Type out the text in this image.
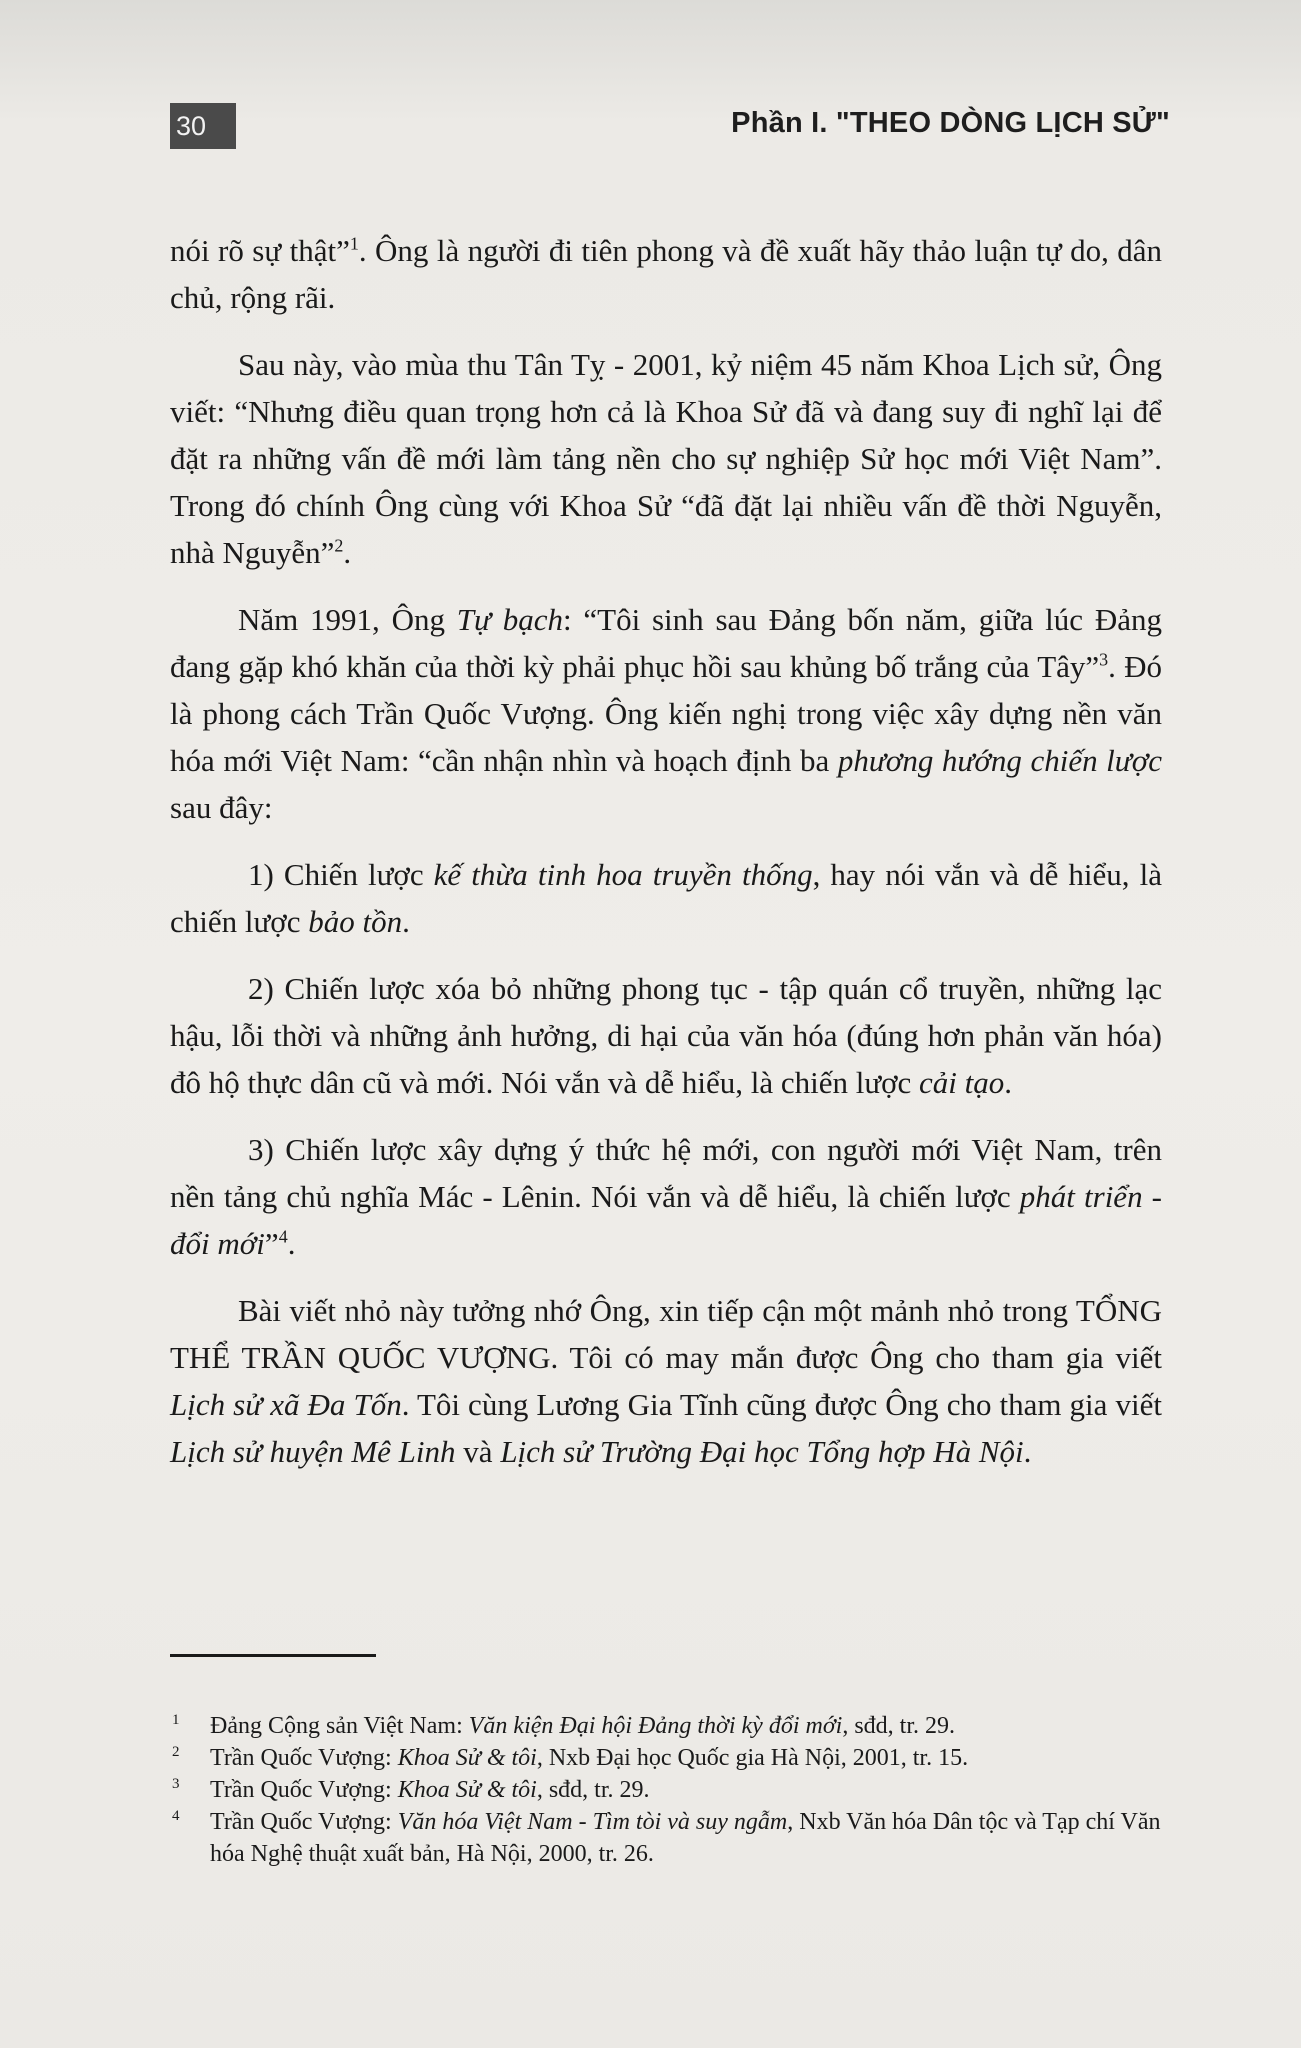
30	Phần I. "THEO DÒNG LỊCH SỬ"

nói rõ sự thật”$^1$. Ông là người đi tiên phong và đề xuất hãy thảo luận tự do, dân chủ, rộng rãi.

Sau này, vào mùa thu Tân Tỵ - 2001, kỷ niệm 45 năm Khoa Lịch sử, Ông viết: “Nhưng điều quan trọng hơn cả là Khoa Sử đã và đang suy đi nghĩ lại để đặt ra những vấn đề mới làm tảng nền cho sự nghiệp Sử học mới Việt Nam”. Trong đó chính Ông cùng với Khoa Sử “đã đặt lại nhiều vấn đề thời Nguyễn, nhà Nguyễn”$^2$.

Năm 1991, Ông Tự bạch: “Tôi sinh sau Đảng bốn năm, giữa lúc Đảng đang gặp khó khăn của thời kỳ phải phục hồi sau khủng bố trắng của Tây”$^3$. Đó là phong cách Trần Quốc Vượng. Ông kiến nghị trong việc xây dựng nền văn hóa mới Việt Nam: “cần nhận nhìn và hoạch định ba phương hướng chiến lược sau đây:

1) Chiến lược kế thừa tinh hoa truyền thống, hay nói vắn và dễ hiểu, là chiến lược bảo tồn.

2) Chiến lược xóa bỏ những phong tục - tập quán cổ truyền, những lạc hậu, lỗi thời và những ảnh hưởng, di hại của văn hóa (đúng hơn phản văn hóa) đô hộ thực dân cũ và mới. Nói vắn và dễ hiểu, là chiến lược cải tạo.

3) Chiến lược xây dựng ý thức hệ mới, con người mới Việt Nam, trên nền tảng chủ nghĩa Mác - Lênin. Nói vắn và dễ hiểu, là chiến lược phát triển - đổi mới”$^4$.

Bài viết nhỏ này tưởng nhớ Ông, xin tiếp cận một mảnh nhỏ trong TỔNG THỂ TRẦN QUỐC VƯỢNG. Tôi có may mắn được Ông cho tham gia viết Lịch sử xã Đa Tốn. Tôi cùng Lương Gia Tĩnh cũng được Ông cho tham gia viết Lịch sử huyện Mê Linh và Lịch sử Trường Đại học Tổng hợp Hà Nội.

1 Đảng Cộng sản Việt Nam: Văn kiện Đại hội Đảng thời kỳ đổi mới, sđd, tr. 29.
2 Trần Quốc Vượng: Khoa Sử & tôi, Nxb Đại học Quốc gia Hà Nội, 2001, tr. 15.
3 Trần Quốc Vượng: Khoa Sử & tôi, sđd, tr. 29.
4 Trần Quốc Vượng: Văn hóa Việt Nam - Tìm tòi và suy ngẫm, Nxb Văn hóa Dân tộc và Tạp chí Văn hóa Nghệ thuật xuất bản, Hà Nội, 2000, tr. 26.
